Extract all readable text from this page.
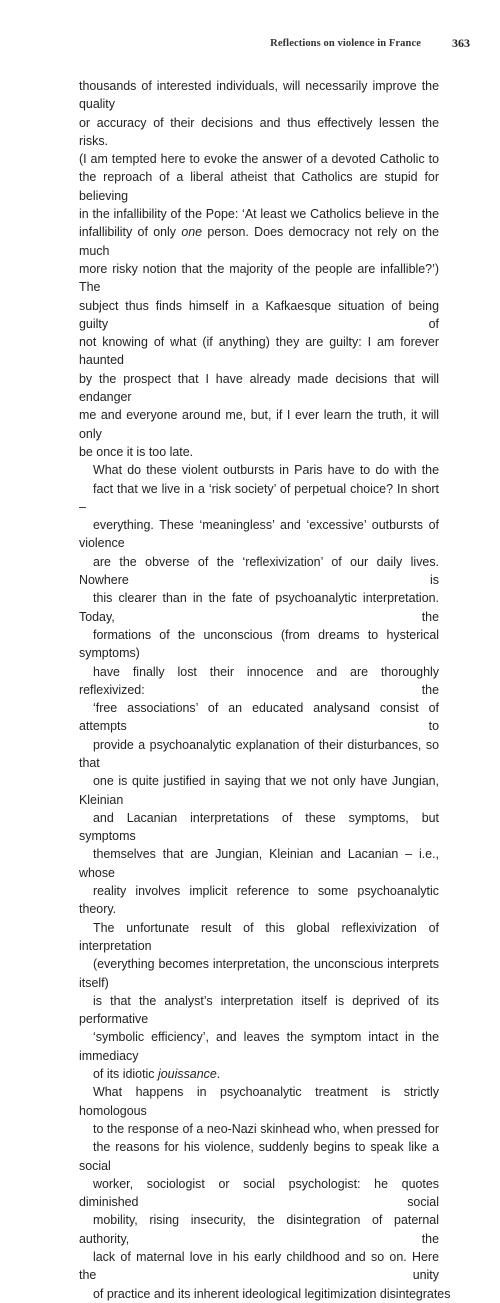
Reflections on violence in France	363

thousands of interested individuals, will necessarily improve the quality
or accuracy of their decisions and thus effectively lessen the risks.
(I am tempted here to evoke the answer of a devoted Catholic to
the reproach of a liberal atheist that Catholics are stupid for believing
in the infallibility of the Pope: ‘At least we Catholics believe in the
infallibility of only one person. Does democracy not rely on the much
more risky notion that the majority of the people are infallible?’) The
subject thus finds himself in a Kafkaesque situation of being guilty of
not knowing of what (if anything) they are guilty: I am forever haunted
by the prospect that I have already made decisions that will endanger
me and everyone around me, but, if I ever learn the truth, it will only
be once it is too late.

What do these violent outbursts in Paris have to do with the
fact that we live in a ‘risk society’ of perpetual choice? In short –
everything. These ‘meaningless’ and ‘excessive’ outbursts of violence
are the obverse of the ‘reflexivization’ of our daily lives. Nowhere is
this clearer than in the fate of psychoanalytic interpretation. Today, the
formations of the unconscious (from dreams to hysterical symptoms)
have finally lost their innocence and are thoroughly reflexivized: the
‘free associations’ of an educated analysand consist of attempts to
provide a psychoanalytic explanation of their disturbances, so that
one is quite justified in saying that we not only have Jungian, Kleinian
and Lacanian interpretations of these symptoms, but symptoms
themselves that are Jungian, Kleinian and Lacanian – i.e., whose
reality involves implicit reference to some psychoanalytic theory.
The unfortunate result of this global reflexivization of interpretation
(everything becomes interpretation, the unconscious interprets itself)
is that the analyst’s interpretation itself is deprived of its performative
‘symbolic efficiency’, and leaves the symptom intact in the immediacy
of its idiotic jouissance.

What happens in psychoanalytic treatment is strictly homologous
to the response of a neo-Nazi skinhead who, when pressed for
the reasons for his violence, suddenly begins to speak like a social
worker, sociologist or social psychologist: he quotes diminished social
mobility, rising insecurity, the disintegration of paternal authority, the
lack of maternal love in his early childhood and so on. Here the unity
of practice and its inherent ideological legitimization disintegrates
